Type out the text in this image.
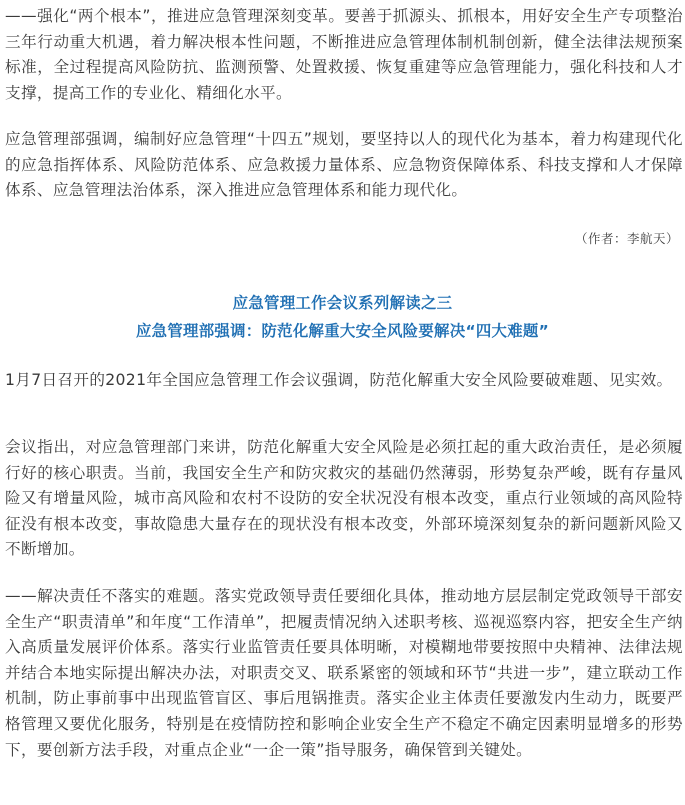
——强化“两个根本”，推进应急管理深刻变革。要善于抓源头、抓根本，用好安全生产专项整治三年行动重大机遇，着力解决根本性问题，不断推进应急管理体制机制创新，健全法律法规预案标准，全过程提高风险防抗、监测预警、处置救援、恢复重建等应急管理能力，强化科技和人才支撑，提高工作的专业化、精细化水平。

应急管理部强调，编制好应急管理“十四五”规划，要坚持以人的现代化为基本，着力构建现代化的应急指挥体系、风险防范体系、应急救援力量体系、应急物资保障体系、科技支撑和人才保障体系、应急管理法治体系，深入推进应急管理体系和能力现代化。

（作者：李航天）

应急管理工作会议系列解读之三

应急管理部强调：防范化解重大安全风险要解决“四大难题”

1月7日召开的2021年全国应急管理工作会议强调，防范化解重大安全风险要破难题、见实效。

会议指出，对应急管理部门来讲，防范化解重大安全风险是必须扛起的重大政治责任，是必须履行好的核心职责。当前，我国安全生产和防灾救灾的基础仍然薄弱，形势复杂严峻，既有存量风险又有增量风险，城市高风险和农村不设防的安全状况没有根本改变，重点行业领域的高风险特征没有根本改变，事故隐患大量存在的现状没有根本改变，外部环境深刻复杂的新问题新风险又不断增加。

——解决责任不落实的难题。落实党政领导责任要细化具体，推动地方层层制定党政领导干部安全生产“职责清单”和年度“工作清单”，把履责情况纳入述职考核、巡视巡察内容，把安全生产纳入高质量发展评价体系。落实行业监管责任要具体明晰，对模糊地带要按照中央精神、法律法规并结合本地实际提出解决办法，对职责交叉、联系紧密的领域和环节“共进一步”，建立联动工作机制，防止事前事中出现监管盲区、事后甩锅推责。落实企业主体责任要激发内生动力，既要严格管理又要优化服务，特别是在疫情防控和影响企业安全生产不稳定不确定因素明显增多的形势下，要创新方法手段，对重点企业“一企一策”指导服务，确保管到关键处。
